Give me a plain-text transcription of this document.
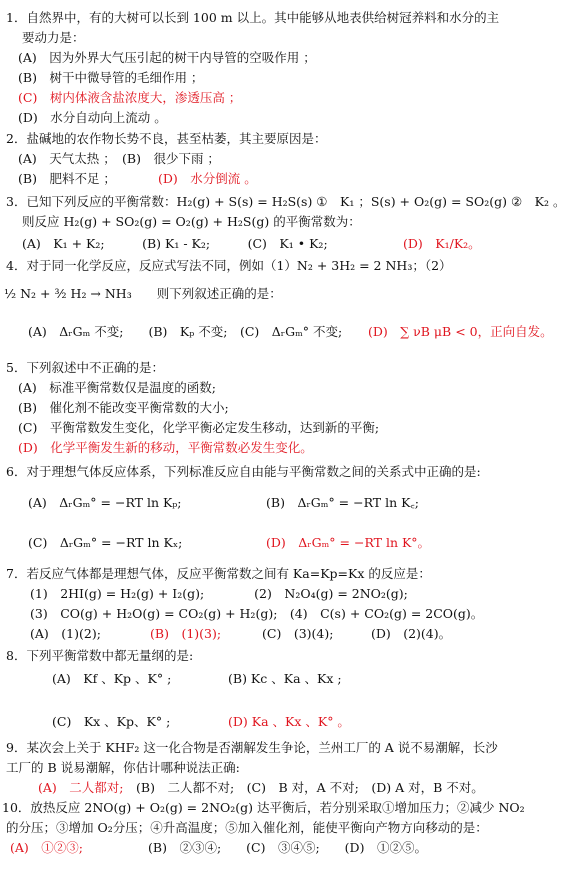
1．自然界中，有的大树可以长到 100 m 以上。其中能够从地表供给树冠养料和水分的主
要动力是：
(A)　因为外界大气压引起的树干内导管的空吸作用 ；
(B)　树干中微导管的毛细作用 ；
(C)　树内体液含盐浓度大，渗透压高 ；
(D)　水分自动向上流动 。
2．盐碱地的农作物长势不良，甚至枯萎，其主要原因是：
(A)　天气太热 ；　(B)　很少下雨 ；
(B)　肥料不足 ；	(D)　水分倒流 。
3．已知下列反应的平衡常数：H₂(g) + S(s) = H₂S(s) ①　K₁ ；S(s) + O₂(g) = SO₂(g) ②　K₂ 。
则反应 H₂(g) + SO₂(g) = O₂(g) + H₂S(g) 的平衡常数为：
(A)　K₁ + K₂;　　　(B) K₁ - K₂;　　　(C)　K₁ • K₂;	(D)　K₁/K₂。
4．对于同一化学反应，反应式写法不同，例如（1）N₂ + 3H₂ = 2 NH₃；（2）
½ N₂ + ³⁄₂ H₂ → NH₃　　则下列叙述正确的是：
(A)　ΔᵣGₘ 不变;　　(B)　Kₚ 不变;　(C)　ΔᵣGₘ° 不变; (D)　∑ νB μB < 0，正向自发。
5．下列叙述中不正确的是：
(A)　标准平衡常数仅是温度的函数;
(B)　催化剂不能改变平衡常数的大小;
(C)　平衡常数发生变化，化学平衡必定发生移动，达到新的平衡;
(D)　化学平衡发生新的移动，平衡常数必发生变化。
6．对于理想气体反应体系，下列标准反应自由能与平衡常数之间的关系式中正确的是:
(A)　ΔᵣGₘ° = −RT ln Kₚ;	(B)　ΔᵣGₘ° = −RT ln K꜀;
(C)　ΔᵣGₘ° = −RT ln Kₓ;	(D)　ΔᵣGₘ° = −RT ln K°。
7．若反应气体都是理想气体，反应平衡常数之间有 Ka=Kp=Kx 的反应是：
(1)　2HI(g) = H₂(g) + I₂(g);　　　　(2)　N₂O₄(g) = 2NO₂(g);
(3)　CO(g) + H₂O(g) = CO₂(g) + H₂(g);　(4)　C(s) + CO₂(g) = 2CO(g)。
(A)　(1)(2);	(B)　(1)(3);	(C)　(3)(4);　　　(D)　(2)(4)。
8．下列平衡常数中都无量纲的是:
(A)　Kf 、Kp 、K° ;	(B) Kc 、Ka 、Kx ;
(C)　Kx 、Kp、K° ;	(D) Ka 、Kx 、K° 。
9．某次会上关于 KHF₂ 这一化合物是否潮解发生争论，兰州工厂的 A 说不易潮解，长沙
工厂的 B 说易潮解，你估计哪种说法正确:
(A)　二人都对; (B)　二人都不对;　(C)　B 对，A 不对;　(D) A 对，B 不对。
10．放热反应 2NO(g) + O₂(g) = 2NO₂(g) 达平衡后，若分别采取①增加压力；②减少 NO₂
的分压；③增加 O₂分压；④升高温度；⑤加入催化剂，能使平衡向产物方向移动的是：
(A)　①②③;	(B)　②③④;　　(C)　③④⑤;　　(D)　①②⑤。
